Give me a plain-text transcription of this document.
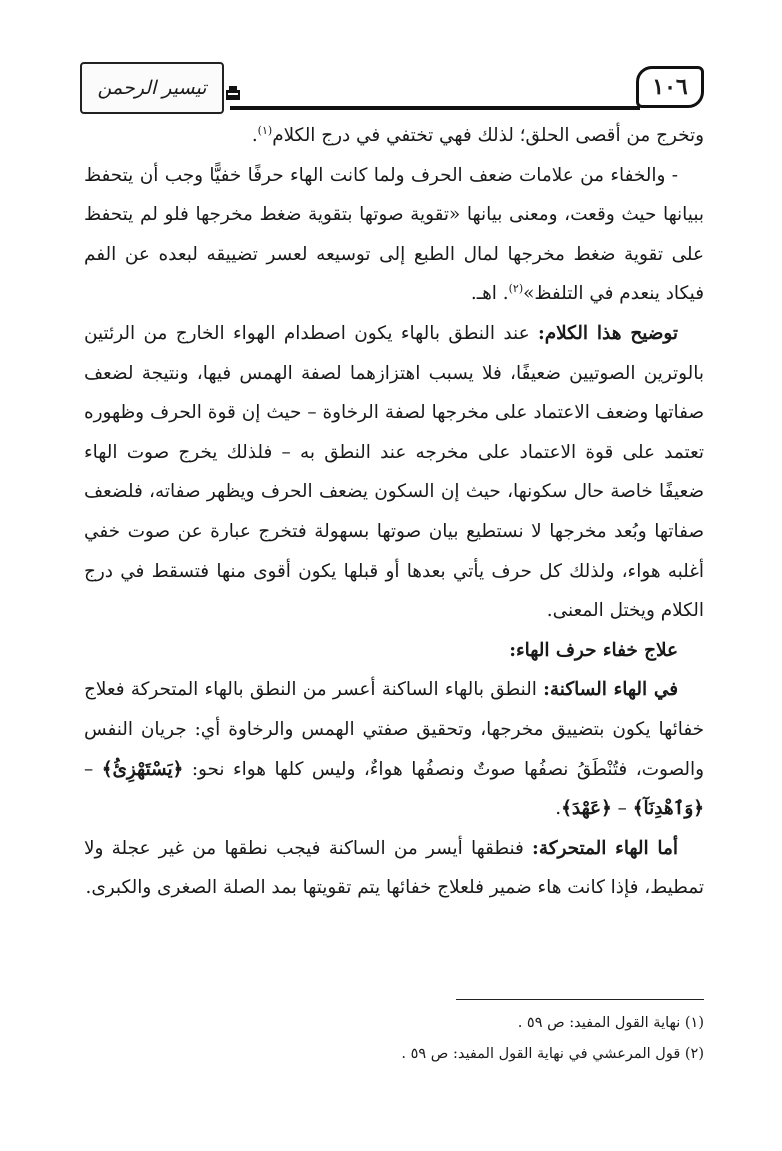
تيسير الرحمن	١٠٦

وتخرج من أقصى الحلق؛ لذلك فهي تختفي في درج الكلام$^{(١)}$.

- والخفاء من علامات ضعف الحرف ولما كانت الهاء حرفًا خفيًّا وجب أن يتحفظ ببيانها حيث وقعت، ومعنى بيانها «تقوية صوتها بتقوية ضغط مخرجها فلو لم يتحفظ على تقوية ضغط مخرجها لمال الطبع إلى توسيعه لعسر تضييقه لبعده عن الفم فيكاد ينعدم في التلفظ»$^{(٢)}$. اهـ.

توضيح هذا الكلام: عند النطق بالهاء يكون اصطدام الهواء الخارج من الرئتين بالوترين الصوتيين ضعيفًا، فلا يسبب اهتزازهما لصفة الهمس فيها، ونتيجة لضعف صفاتها وضعف الاعتماد على مخرجها لصفة الرخاوة – حيث إن قوة الحرف وظهوره تعتمد على قوة الاعتماد على مخرجه عند النطق به – فلذلك يخرج صوت الهاء ضعيفًا خاصة حال سكونها، حيث إن السكون يضعف الحرف ويظهر صفاته، فلضعف صفاتها وبُعد مخرجها لا نستطيع بيان صوتها بسهولة فتخرج عبارة عن صوت خفي أغلبه هواء، ولذلك كل حرف يأتي بعدها أو قبلها يكون أقوى منها فتسقط في درج الكلام ويختل المعنى.

علاج خفاء حرف الهاء:

في الهاء الساكنة: النطق بالهاء الساكنة أعسر من النطق بالهاء المتحركة فعلاج خفائها يكون بتضييق مخرجها، وتحقيق صفتي الهمس والرخاوة أي: جريان النفس والصوت، فتُنْطَقُ نصفُها صوتٌ ونصفُها هواءٌ، وليس كلها هواء نحو: ﴿يَسْتَهْزِئُ﴾ – ﴿وَٱهْدِنَآ﴾ – ﴿عَهْدَ﴾.

أما الهاء المتحركة: فنطقها أيسر من الساكنة فيجب نطقها من غير عجلة ولا تمطيط، فإذا كانت هاء ضمير فلعلاج خفائها يتم تقويتها بمد الصلة الصغرى والكبرى.

(١) نهاية القول المفيد: ص ٥٩ .

(٢) قول المرعشي في نهاية القول المفيد: ص ٥٩ .
